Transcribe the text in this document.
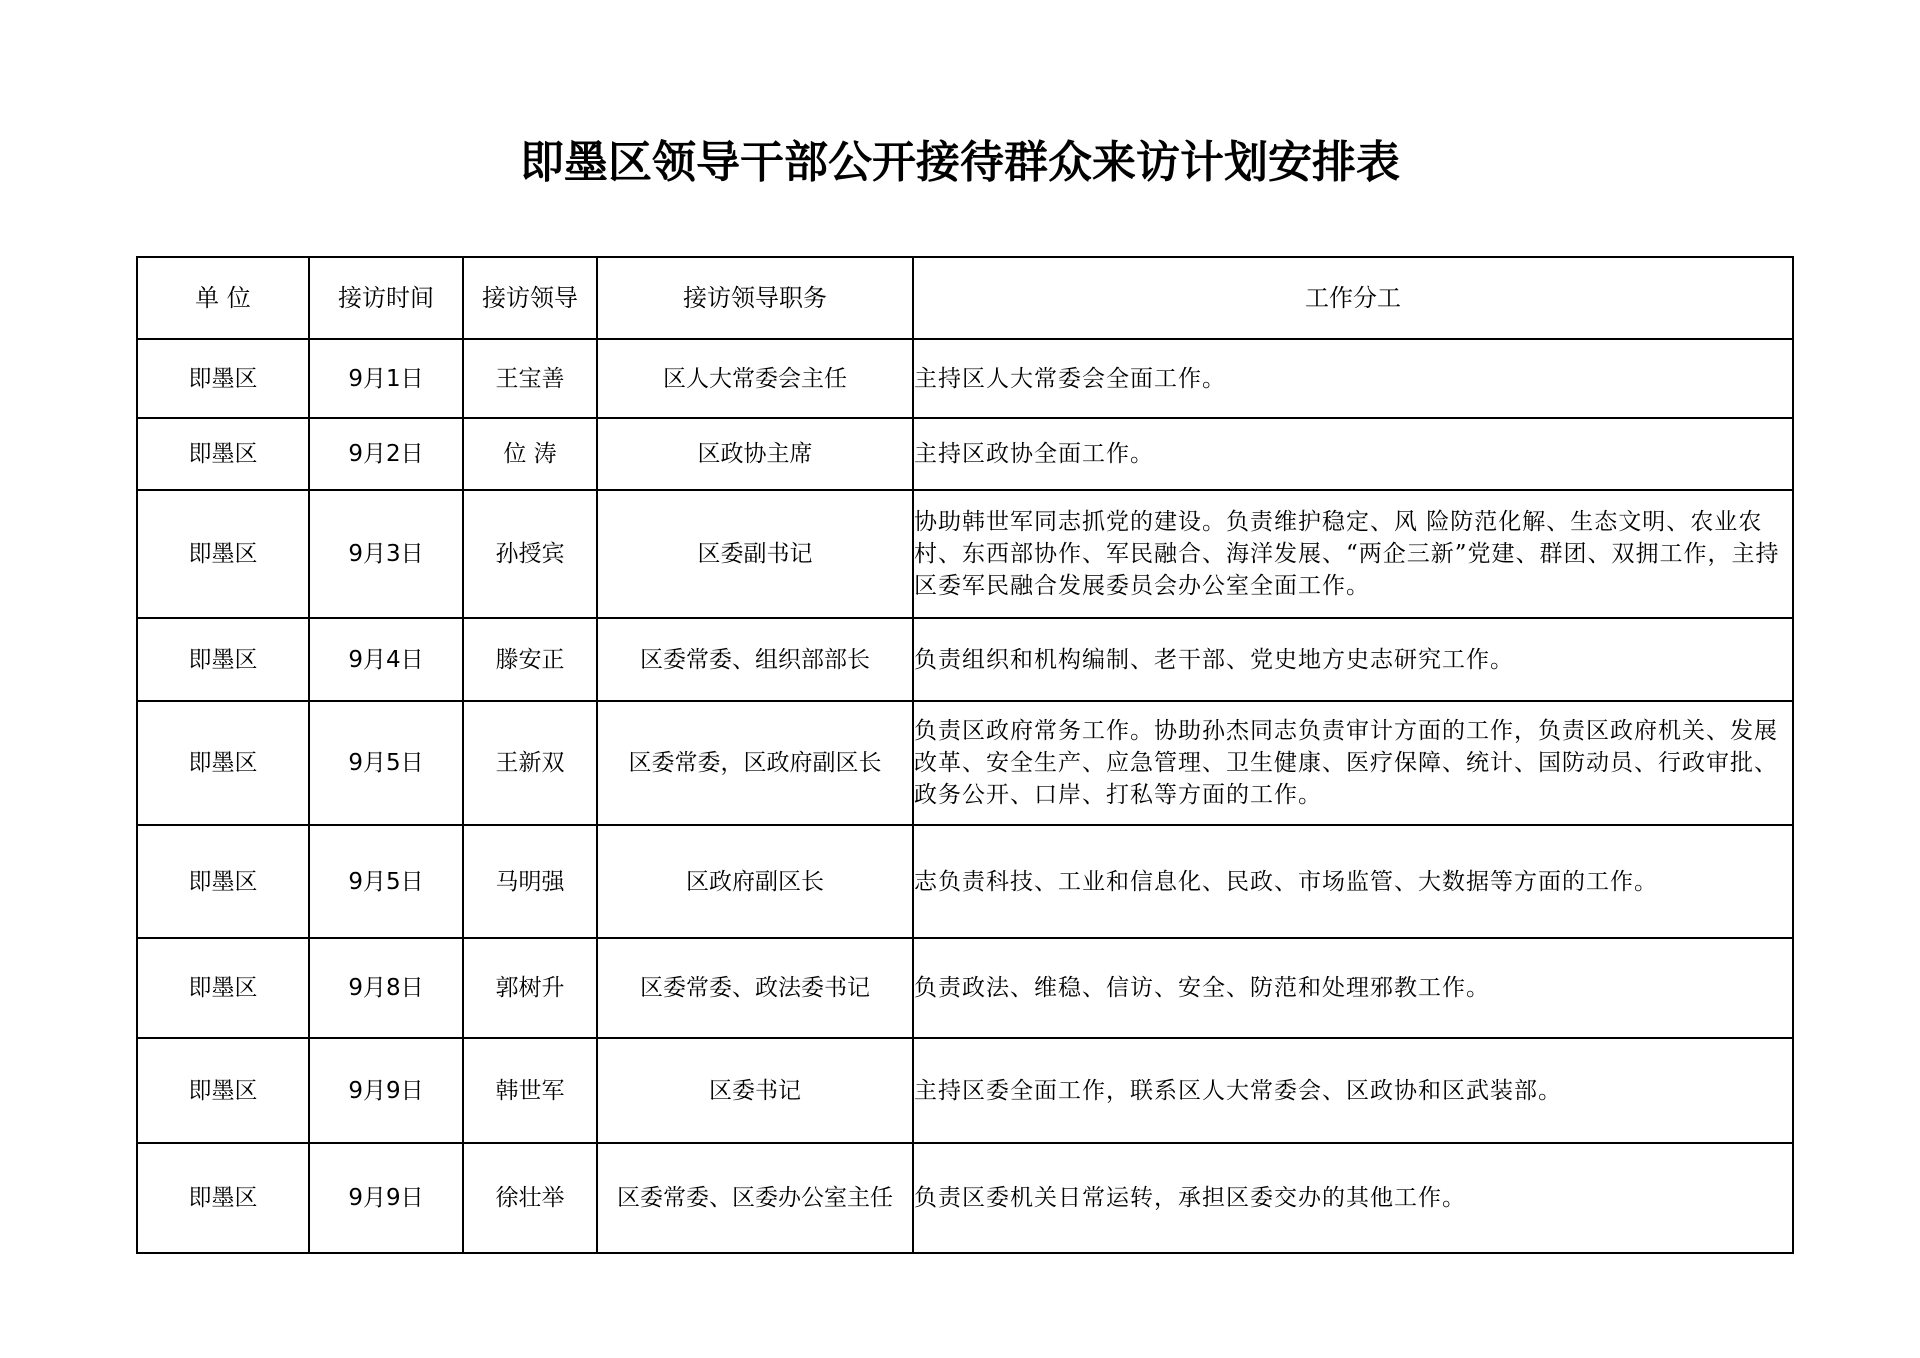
即墨区领导干部公开接待群众来访计划安排表
单 位	接访时间	接访领导	接访领导职务	工作分工
即墨区	9月1日	王宝善	区人大常委会主任	主持区人大常委会全面工作。
即墨区	9月2日	位 涛	区政协主席	主持区政协全面工作。
即墨区	9月3日	孙授宾	区委副书记	协助韩世军同志抓党的建设。负责维护稳定、风 险防范化解、生态文明、农业农村、东西部协作、军民融合、海洋发展、“两企三新”党建、群团、双拥工作，主持区委军民融合发展委员会办公室全面工作。
即墨区	9月4日	滕安正	区委常委、组织部部长	负责组织和机构编制、老干部、党史地方史志研究工作。
即墨区	9月5日	王新双	区委常委，区政府副区长	负责区政府常务工作。协助孙杰同志负责审计方面的工作，负责区政府机关、发展改革、安全生产、应急管理、卫生健康、医疗保障、统计、国防动员、行政审批、政务公开、口岸、打私等方面的工作。
即墨区	9月5日	马明强	区政府副区长	志负责科技、工业和信息化、民政、市场监管、大数据等方面的工作。
即墨区	9月8日	郭树升	区委常委、政法委书记	负责政法、维稳、信访、安全、防范和处理邪教工作。
即墨区	9月9日	韩世军	区委书记	主持区委全面工作，联系区人大常委会、区政协和区武装部。
即墨区	9月9日	徐壮举	区委常委、区委办公室主任	负责区委机关日常运转，承担区委交办的其他工作。
